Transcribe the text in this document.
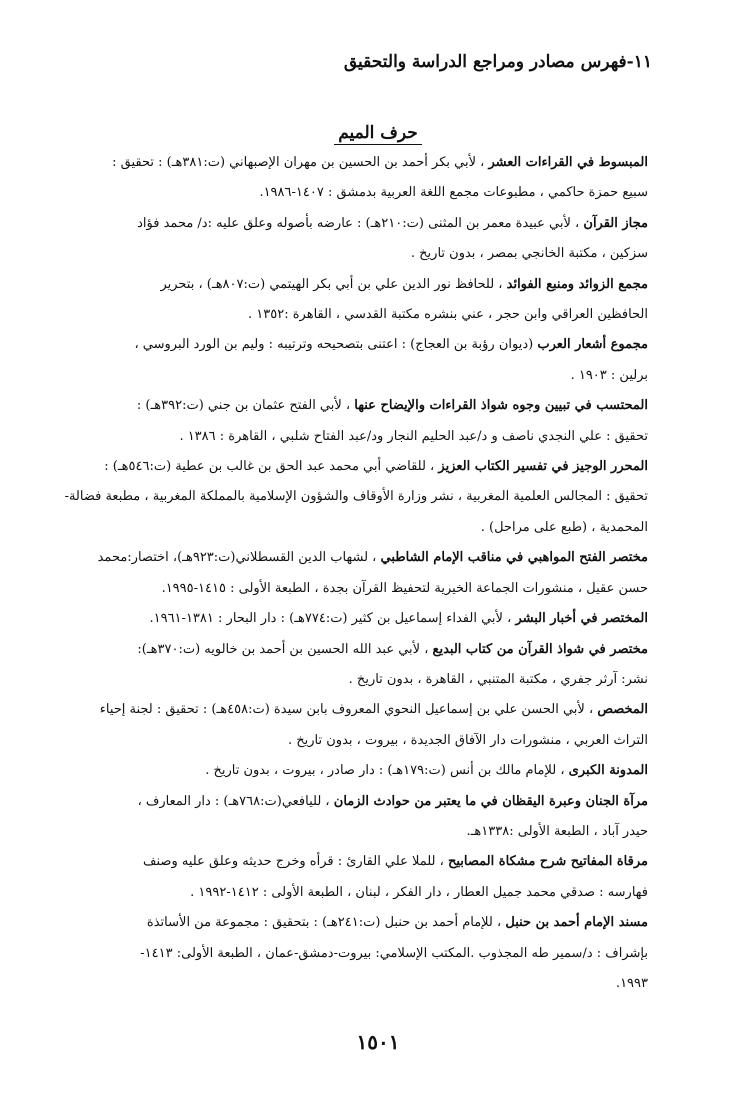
١١-فهرس مصادر ومراجع الدراسة والتحقيق
حرف الميم
المبسوط في القراءات العشر ، لأبي بكر أحمد بن الحسين بن مهران الإصبهاني (ت:٣٨١هـ) : تحقيق :
سبيع حمزة حاكمي ، مطبوعات مجمع اللغة العربية بدمشق : ١٤٠٧-١٩٨٦.
مجاز القرآن ، لأبي عبيدة معمر بن المثنى (ت:٢١٠هـ) : عارضه بأصوله وعلق عليه :د/ محمد فؤاد
سزكين ، مكتبة الخانجي بمصر ، بدون تاريخ .
مجمع الزوائد ومنبع الفوائد ، للحافظ نور الدين علي بن أبي بكر الهيتمي (ت:٨٠٧هـ) ، بتحرير
الحافظين العراقي وابن حجر ، عني بنشره مكتبة القدسي ، القاهرة :١٣٥٢ .
مجموع أشعار العرب (ديوان رؤبة بن العجاج) : اعتنى بتصحيحه وترتيبه : وليم بن الورد البروسي ،
برلين : ١٩٠٣ .
المحتسب في تبيين وجوه شواذ القراءات والإيضاح عنها ، لأبي الفتح عثمان بن جني (ت:٣٩٢هـ) :
تحقيق : علي النجدي ناصف و د/عبد الحليم النجار ود/عبد الفتاح شلبي ، القاهرة : ١٣٨٦ .
المحرر الوجيز في تفسير الكتاب العزيز ، للقاضي أبي محمد عبد الحق بن غالب بن عطية (ت:٥٤٦هـ) :
تحقيق : المجالس العلمية المغربية ، نشر وزارة الأوقاف والشؤون الإسلامية بالمملكة المغربية ، مطبعة فضالة-
المحمدية ، (طبع على مراحل) .
مختصر الفتح المواهبي في مناقب الإمام الشاطبي ، لشهاب الدين القسطلاني(ت:٩٢٣هـ)، اختصار:محمد
حسن عقيل ، منشورات الجماعة الخيرية لتحفيظ القرآن بجدة ، الطبعة الأولى : ١٤١٥-١٩٩٥.
المختصر في أخبار البشر ، لأبي الفداء إسماعيل بن كثير (ت:٧٧٤هـ) : دار البحار : ١٣٨١-١٩٦١.
مختصر في شواذ القرآن من كتاب البديع ، لأبي عبد الله الحسين بن أحمد بن خالويه (ت:٣٧٠هـ):
نشر: آرثر جفري ، مكتبة المتنبي ، القاهرة ، بدون تاريخ .
المخصص ، لأبي الحسن علي بن إسماعيل النحوي المعروف بابن سيدة (ت:٤٥٨هـ) : تحقيق : لجنة إحياء
التراث العربي ، منشورات دار الآفاق الجديدة ، بيروت ، بدون تاريخ .
المدونة الكبرى ، للإمام مالك بن أنس (ت:١٧٩هـ) : دار صادر ، بيروت ، بدون تاريخ .
مرآة الجنان وعبرة اليقظان في ما يعتبر من حوادث الزمان ، لليافعي(ت:٧٦٨هـ) : دار المعارف ،
حيدر آباد ، الطبعة الأولى :١٣٣٨هـ.
مرقاة المفاتيح شرح مشكاة المصابيح ، للملا علي القارئ : قرأه وخرج حديثه وعلق عليه وصنف
فهارسه : صدقي محمد جميل العطار ، دار الفكر ، لبنان ، الطبعة الأولى : ١٤١٢-١٩٩٢ .
مسند الإمام أحمد بن حنبل ، للإمام أحمد بن حنبل (ت:٢٤١هـ) : بتحقيق : مجموعة من الأساتذة
بإشراف : د/سمير طه المجذوب .المكتب الإسلامي: بيروت-دمشق-عمان ، الطبعة الأولى: ١٤١٣-
١٩٩٣.
١٥٠١
